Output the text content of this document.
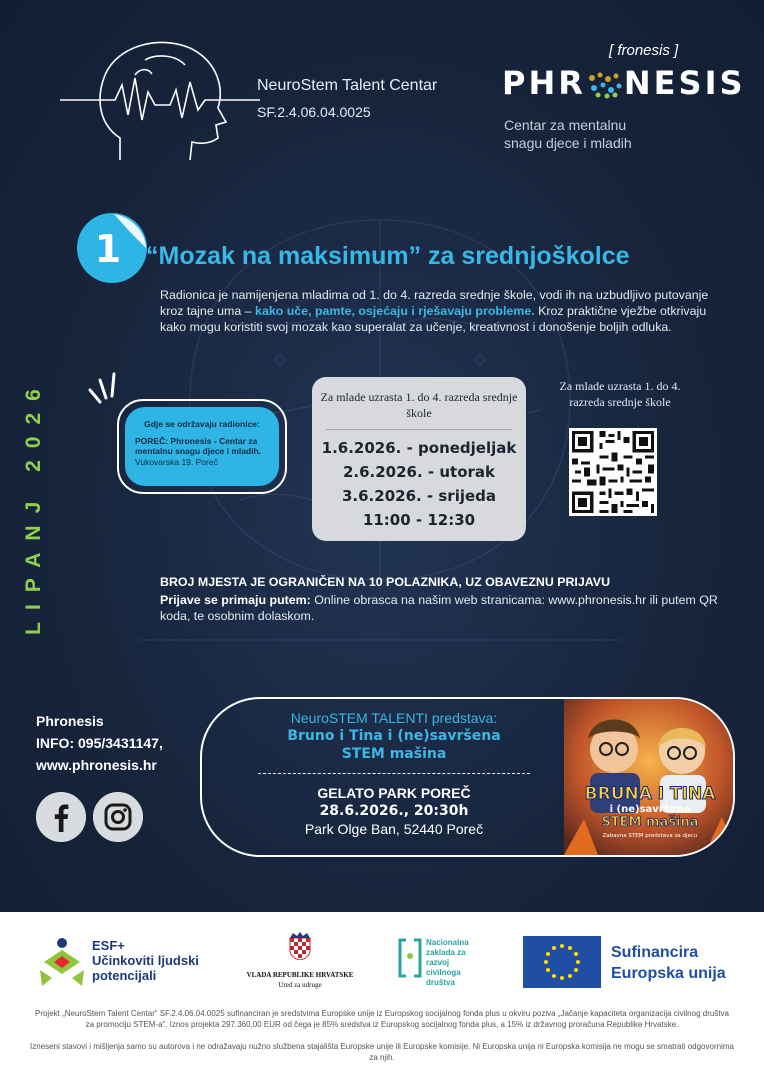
NeuroStem Talent Centar
SF.2.4.06.04.0025
[ fronesis ]
PHR NESIS
Centar za mentalnu snagu djece i mladih
1 “Mozak na maksimum” za srednjoškolce
Radionica je namijenjena mladima od 1. do 4. razreda srednje škole, vodi ih na uzbudljivo putovanje kroz tajne uma – kako uče, pamte, osjećaju i rješavaju probleme. Kroz praktične vježbe otkrivaju kako mogu koristiti svoj mozak kao superalat za učenje, kreativnost i donošenje boljih odluka.
LIPANJ 2026	Gdje se održavaju radionice:
POREČ: Phronesis - Centar za mentalnu snagu djece i mladih. Vukovarska 19. Poreč
Za mlade uzrasta 1. do 4. razreda srednje škole
1.6.2026. - ponedjeljak
2.6.2026. - utorak
3.6.2026. - srijeda
11:00 - 12:30
Za mlade uzrasta 1. do 4. razreda srednje škole
BROJ MJESTA JE OGRANIČEN NA 10 POLAZNIKA, UZ OBAVEZNU PRIJAVU
Prijave se primaju putem: Online obrasca na našim web stranicama: www.phronesis.hr ili putem QR koda, te osobnim dolaskom.
Phronesis
INFO: 095/3431147,
www.phronesis.hr
NeuroSTEM TALENTI predstava:
Bruno i Tina i (ne)savršena
STEM mašina
GELATO PARK POREČ
28.6.2026., 20:30h
Park Olge Ban, 52440 Poreč
BRUNA I TINA
i (ne)savršena
STEM mašina
Zabavna STEM predstava za djecu
ESF+
Učinkoviti ljudski
potencijali	VLADA REPUBLIKE HRVATSKE
Ured za udruge
Nacionalna zaklada za razvoj civilnoga društva
Sufinancira
Europska unija
Projekt „NeuroStem Talent Centar“ SF.2.4.06.04.0025 sufinanciran je sredstvima Europske unije iz Europskog socijalnog fonda plus u okviru poziva „Jačanje kapaciteta organizacija civilnog društva za promociju STEM-a“. Iznos projekta 297.360,00 EUR od čega je 85% sredstva iz Europskog socijalnog fonda plus, a 15% iz državnog proračuna Republike Hrvatske.
Izneseni stavovi i mišljenja samo su autorova i ne odražavaju nužno službena stajališta Europske unije ili Europske komisije. Ni Europska unija ni Europska komisija ne mogu se smatrati odgovornima za njih.
